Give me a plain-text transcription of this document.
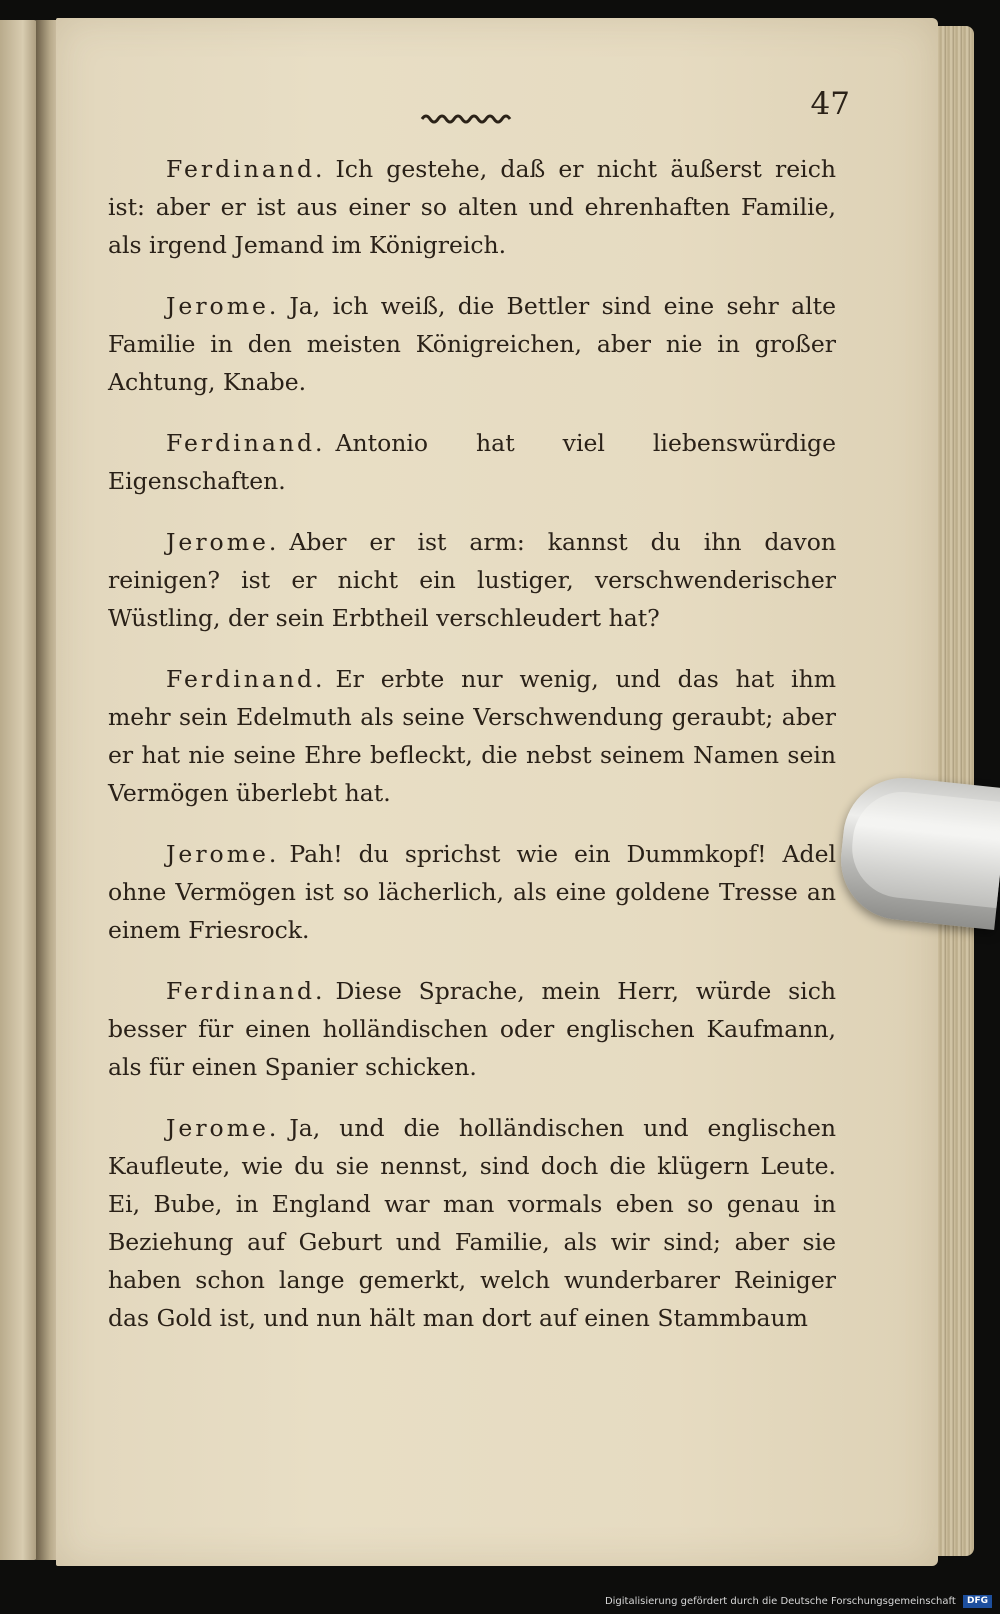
47

Ferdinand. Ich gestehe, daß er nicht äußerst reich ist: aber er ist aus einer so alten und ehrenhaften Familie, als irgend Jemand im Königreich.

Jerome. Ja, ich weiß, die Bettler sind eine sehr alte Familie in den meisten Königreichen, aber nie in großer Achtung, Knabe.

Ferdinand. Antonio hat viel liebenswürdige Eigenschaften.

Jerome. Aber er ist arm: kannst du ihn davon reinigen? ist er nicht ein lustiger, verschwenderischer Wüstling, der sein Erbtheil verschleudert hat?

Ferdinand. Er erbte nur wenig, und das hat ihm mehr sein Edelmuth als seine Verschwendung geraubt; aber er hat nie seine Ehre befleckt, die nebst seinem Namen sein Vermögen überlebt hat.

Jerome. Pah! du sprichst wie ein Dummkopf! Adel ohne Vermögen ist so lächerlich, als eine goldene Tresse an einem Friesrock.

Ferdinand. Diese Sprache, mein Herr, würde sich besser für einen holländischen oder englischen Kaufmann, als für einen Spanier schicken.

Jerome. Ja, und die holländischen und englischen Kaufleute, wie du sie nennst, sind doch die klügern Leute. Ei, Bube, in England war man vormals eben so genau in Beziehung auf Geburt und Familie, als wir sind; aber sie haben schon lange gemerkt, welch wunderbarer Reiniger das Gold ist, und nun hält man dort auf einen Stammbaum

Digitalisierung gefördert durch die Deutsche Forschungsgemeinschaft DFG
